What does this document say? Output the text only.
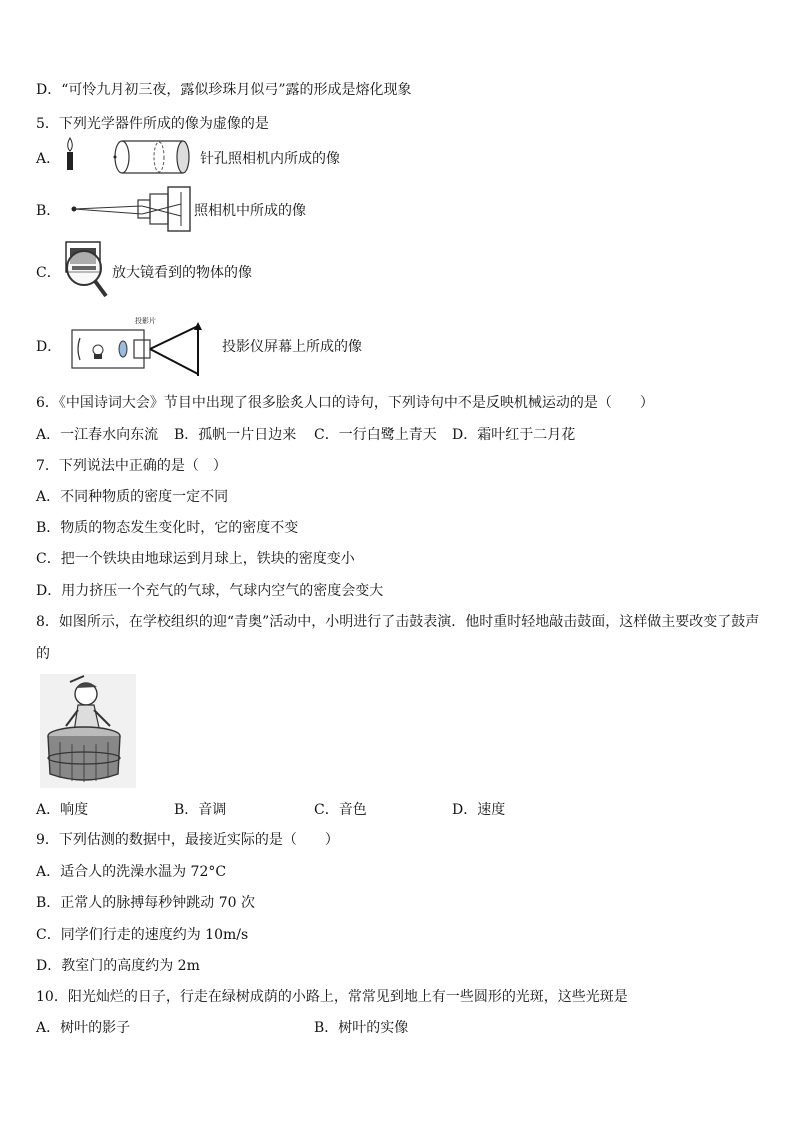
D．“可怜九月初三夜，露似珍珠月似弓”露的形成是熔化现象
5．下列光学器件所成的像为虚像的是
A．	针孔照相机内所成的像
B．	照相机中所成的像
C．	放大镜看到的物体的像
D．
投影片
投影仪屏幕上所成的像
6．《中国诗词大会》节目中出现了很多脍炙人口的诗句，下列诗句中不是反映机械运动的是（　　）
A．一江春水向东流 B．孤帆一片日边来 C．一行白鹭上青天 D．霜叶红于二月花
7．下列说法中正确的是（　）
A．不同种物质的密度一定不同
B．物质的物态发生变化时，它的密度不变
C．把一个铁块由地球运到月球上，铁块的密度变小
D．用力挤压一个充气的气球，气球内空气的密度会变大
8．如图所示，在学校组织的迎“青奥”活动中，小明进行了击鼓表演．他时重时轻地敲击鼓面，这样做主要改变了鼓声
的
A．响度	B．音调	C．音色	D．速度
9．下列估测的数据中，最接近实际的是（　　）
A．适合人的洗澡水温为 72°C
B．正常人的脉搏每秒钟跳动 70 次
C．同学们行走的速度约为 10m/s
D．教室门的高度约为 2m
10．阳光灿烂的日子，行走在绿树成荫的小路上，常常见到地上有一些圆形的光斑，这些光斑是
A．树叶的影子	B．树叶的实像
